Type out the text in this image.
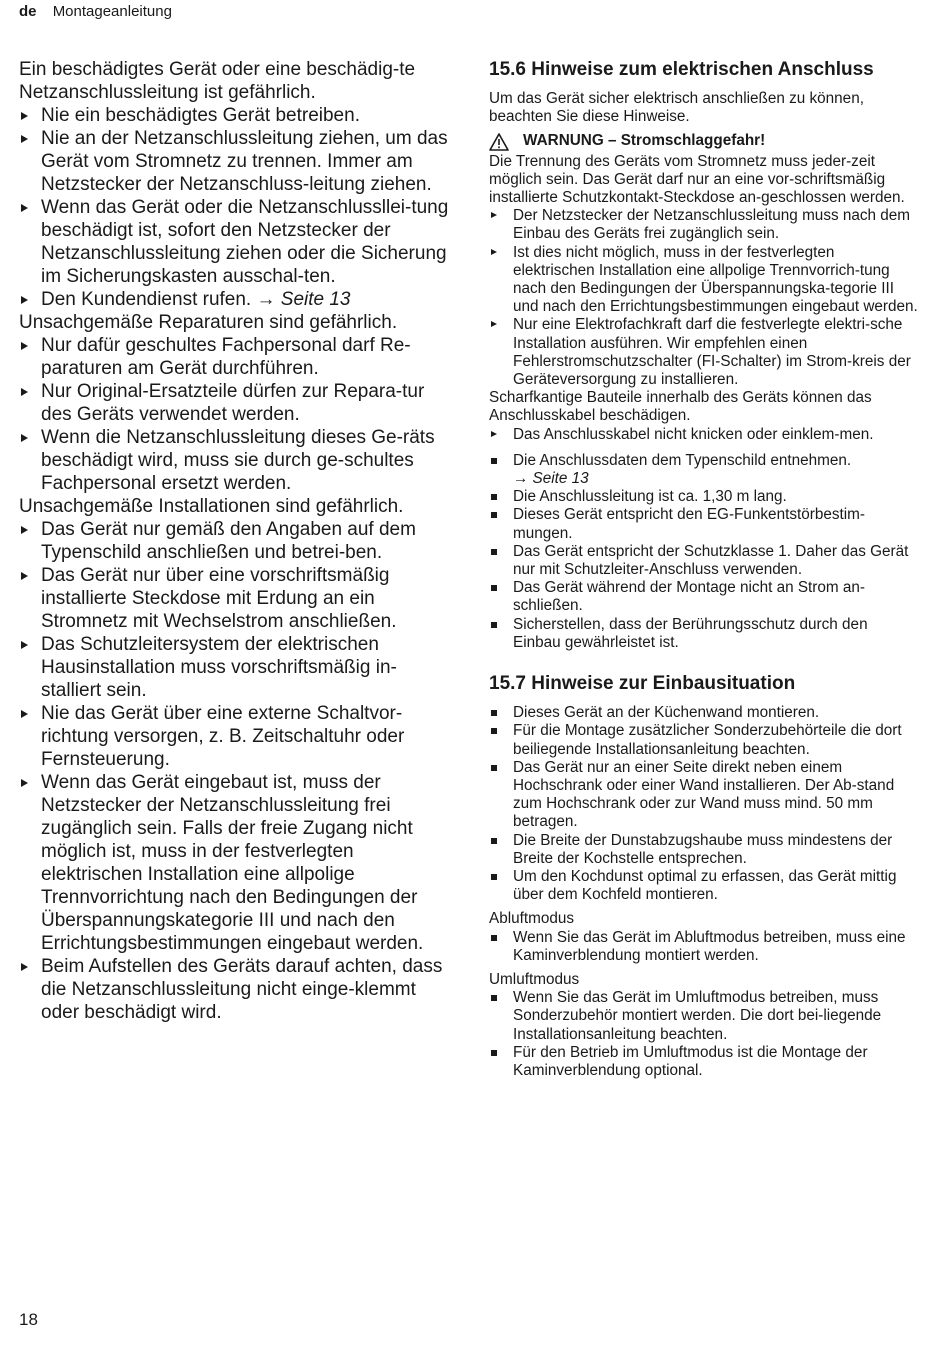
de Montageanleitung

Ein beschädigtes Gerät oder eine beschädig-te Netzanschlussleitung ist gefährlich.

Nie ein beschädigtes Gerät betreiben.

Nie an der Netzanschlussleitung ziehen, um das Gerät vom Stromnetz zu trennen. Immer am Netzstecker der Netzanschluss-leitung ziehen.

Wenn das Gerät oder die Netzanschlussllei-tung beschädigt ist, sofort den Netzstecker der Netzanschlussleitung ziehen oder die Sicherung im Sicherungskasten ausschal-ten.

Den Kundendienst rufen. → Seite 13

Unsachgemäße Reparaturen sind gefährlich.

Nur dafür geschultes Fachpersonal darf Re-paraturen am Gerät durchführen.

Nur Original-Ersatzteile dürfen zur Repara-tur des Geräts verwendet werden.

Wenn die Netzanschlussleitung dieses Ge-räts beschädigt wird, muss sie durch ge-schultes Fachpersonal ersetzt werden.

Unsachgemäße Installationen sind gefährlich.

Das Gerät nur gemäß den Angaben auf dem Typenschild anschließen und betrei-ben.

Das Gerät nur über eine vorschriftsmäßig installierte Steckdose mit Erdung an ein Stromnetz mit Wechselstrom anschließen.

Das Schutzleitersystem der elektrischen Hausinstallation muss vorschriftsmäßig in-stalliert sein.

Nie das Gerät über eine externe Schaltvor-richtung versorgen, z. B. Zeitschaltuhr oder Fernsteuerung.

Wenn das Gerät eingebaut ist, muss der Netzstecker der Netzanschlussleitung frei zugänglich sein. Falls der freie Zugang nicht möglich ist, muss in der festverlegten elektrischen Installation eine allpolige Trennvorrichtung nach den Bedingungen der Überspannungskategorie III und nach den Errichtungsbestimmungen eingebaut werden.

Beim Aufstellen des Geräts darauf achten, dass die Netzanschlussleitung nicht einge-klemmt oder beschädigt wird.

15.6 Hinweise zum elektrischen Anschluss

Um das Gerät sicher elektrisch anschließen zu können, beachten Sie diese Hinweise.

WARNUNG – Stromschlaggefahr!

Die Trennung des Geräts vom Stromnetz muss jeder-zeit möglich sein. Das Gerät darf nur an eine vor-schriftsmäßig installierte Schutzkontakt-Steckdose an-geschlossen werden.

Der Netzstecker der Netzanschlussleitung muss nach dem Einbau des Geräts frei zugänglich sein.

Ist dies nicht möglich, muss in der festverlegten elektrischen Installation eine allpolige Trennvorrich-tung nach den Bedingungen der Überspannungska-tegorie III und nach den Errichtungsbestimmungen eingebaut werden.

Nur eine Elektrofachkraft darf die festverlegte elektri-sche Installation ausführen. Wir empfehlen einen Fehlerstromschutzschalter (FI-Schalter) im Strom-kreis der Geräteversorgung zu installieren.

Scharfkantige Bauteile innerhalb des Geräts können das Anschlusskabel beschädigen.

Das Anschlusskabel nicht knicken oder einklem-men.

Die Anschlussdaten dem Typenschild entnehmen.
→ Seite 13

Die Anschlussleitung ist ca. 1,30 m lang.

Dieses Gerät entspricht den EG-Funkentstörbestim-mungen.

Das Gerät entspricht der Schutzklasse 1. Daher das Gerät nur mit Schutzleiter-Anschluss verwenden.

Das Gerät während der Montage nicht an Strom an-schließen.

Sicherstellen, dass der Berührungsschutz durch den Einbau gewährleistet ist.

15.7 Hinweise zur Einbausituation

Dieses Gerät an der Küchenwand montieren.

Für die Montage zusätzlicher Sonderzubehörteile die dort beiliegende Installationsanleitung beachten.

Das Gerät nur an einer Seite direkt neben einem Hochschrank oder einer Wand installieren. Der Ab-stand zum Hochschrank oder zur Wand muss mind. 50 mm betragen.

Die Breite der Dunstabzugshaube muss mindestens der Breite der Kochstelle entsprechen.

Um den Kochdunst optimal zu erfassen, das Gerät mittig über dem Kochfeld montieren.

Abluftmodus

Wenn Sie das Gerät im Abluftmodus betreiben, muss eine Kaminverblendung montiert werden.

Umluftmodus

Wenn Sie das Gerät im Umluftmodus betreiben, muss Sonderzubehör montiert werden. Die dort bei-liegende Installationsanleitung beachten.

Für den Betrieb im Umluftmodus ist die Montage der Kaminverblendung optional.

18
